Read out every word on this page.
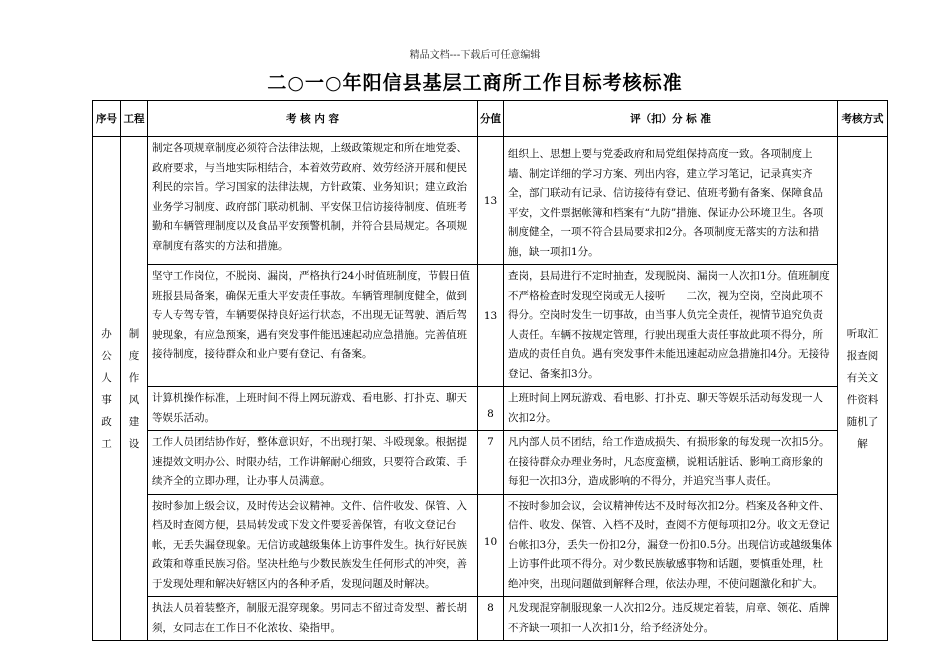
精品文档---下载后可任意编辑
二○一○年阳信县基层工商所工作目标考核标准
序号	工程	考 核 内 容	分值	评（扣）分 标 准	考核方式
办公人事政工	制度作风建设	制定各项规章制度必须符合法律法规，上级政策规定和所在地党委、政府要求，与当地实际相结合，本着效劳政府、效劳经济开展和便民利民的宗旨。学习国家的法律法规，方针政策、业务知识；建立政治业务学习制度、政府部门联动机制、平安保卫信访接待制度、值班考勤和车辆管理制度以及食品平安预警机制，并符合县局规定。各项规章制度有落实的方法和措施。	13	组织上、思想上要与党委政府和局党组保持高度一致。各项制度上墙、制定详细的学习方案、列出内容，建立学习笔记，记录真实齐全，部门联动有记录、信访接待有登记、值班考勤有备案、保障食品平安，文件票据帐簿和档案有“九防”措施、保证办公环境卫生。各项制度健全，一项不符合县局要求扣2分。各项制度无落实的方法和措施，缺一项扣1分。	听取汇报查阅有关文件资料随机了解
		坚守工作岗位，不脱岗、漏岗，严格执行24小时值班制度，节假日值班报县局备案，确保无重大平安责任事故。车辆管理制度健全，做到专人专驾专管，车辆要保持良好运行状态，不出现无证驾驶、酒后驾驶现象，有应急预案，遇有突发事件能迅速起动应急措施。完善值班接待制度，接待群众和业户要有登记、有备案。	13	查岗，县局进行不定时抽查，发现脱岗、漏岗一人次扣1分。值班制度不严格检查时发现空岗或无人接听　　二次，视为空岗，空岗此项不得分。空岗时发生一切事故，由当事人负完全责任，视情节追究负责人责任。车辆不按规定管理，行驶出现重大责任事故此项不得分，所造成的责任自负。遇有突发事件未能迅速起动应急措施扣4分。无接待登记、备案扣3分。	
		计算机操作标准，上班时间不得上网玩游戏、看电影、打扑克、聊天等娱乐活动。	8	上班时间上网玩游戏、看电影、打扑克、聊天等娱乐活动每发现一人次扣2分。	
		工作人员团结协作好，整体意识好，不出现打架、斗殴现象。根据提速提效文明办公、时限办结，工作讲解耐心细致，只要符合政策、手续齐全的立即办理，让办事人员满意。	7	凡内部人员不团结，给工作造成损失、有损形象的每发现一次扣5分。在接待群众办理业务时，凡态度蛮横，说粗话脏话、影响工商形象的每犯一次扣3分，造成影响的不得分，并追究当事人责任。	
		按时参加上级会议，及时传达会议精神。文件、信件收发、保管、入档及时查阅方便，县局转发或下发文件要妥善保管，有收文登记台帐，无丢失漏登现象。无信访或越级集体上访事件发生。执行好民族政策和尊重民族习俗。坚决杜绝与少数民族发生任何形式的冲突，善于发现处理和解决好辖区内的各种矛盾，发现问题及时解决。	10	不按时参加会议，会议精神传达不及时每次扣2分。档案及各种文件、信件、收发、保管、入档不及时，查阅不方便每项扣2分。收文无登记台帐扣3分，丢失一份扣2分，漏登一份扣0.5分。出现信访或越级集体上访事件此项不得分。对少数民族敏感事物和话题，要慎重处理，杜绝冲突，出现问题做到解释合理，依法办理，不使问题激化和扩大。	
		执法人员着装整齐，制服无混穿现象。男同志不留过奇发型、蓄长胡须，女同志在工作日不化浓妆、染指甲。	8	凡发现混穿制服现象一人次扣2分。违反规定着装，肩章、领花、盾牌不齐缺一项扣一人次扣1分，给予经济处分。	
